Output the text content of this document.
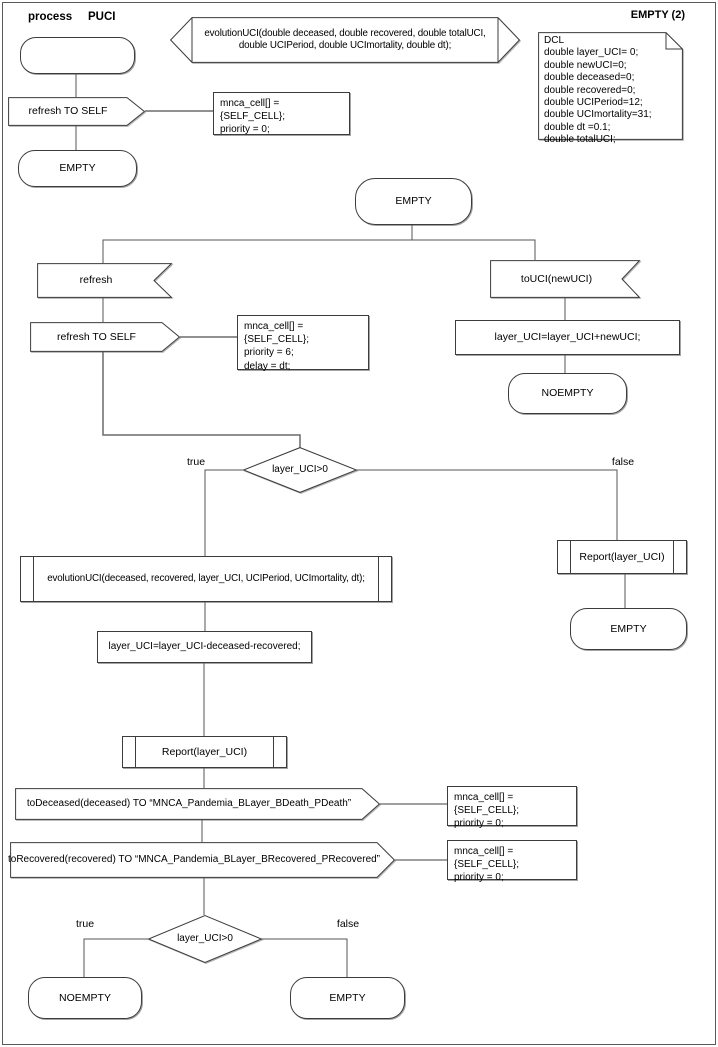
process PUCI	EMPTY (2)
refresh TO SELF
mnca_cell[] = {SELF_CELL};
priority = 0;
EMPTY
evolutionUCI(double deceased, double recovered, double totalUCI,
double UCIPeriod, double UCImortality, double dt);	DCL
double layer_UCI= 0;
double newUCI=0;
double deceased=0;
double recovered=0;
double UCIPeriod=12;
double UCImortality=31;
double dt =0.1;
double totalUCI;
EMPTY
refresh
refresh TO SELF
mnca_cell[] = {SELF_CELL};
priority = 6;
delay = dt;
toUCI(newUCI)
layer_UCI=layer_UCI+newUCI;
NOEMPTY
layer_UCI>0
true	false
Report(layer_UCI)
EMPTY
evolutionUCI(deceased, recovered, layer_UCI, UCIPeriod, UCImortality, dt);
layer_UCI=layer_UCI-deceased-recovered;
Report(layer_UCI)
toDeceased(deceased) TO “MNCA_Pandemia_BLayer_BDeath_PDeath”
mnca_cell[] = {SELF_CELL};
priority = 0;
toRecovered(recovered) TO “MNCA_Pandemia_BLayer_BRecovered_PRecovered”
mnca_cell[] = {SELF_CELL};
priority = 0;
layer_UCI>0
true	false
NOEMPTY	EMPTY
